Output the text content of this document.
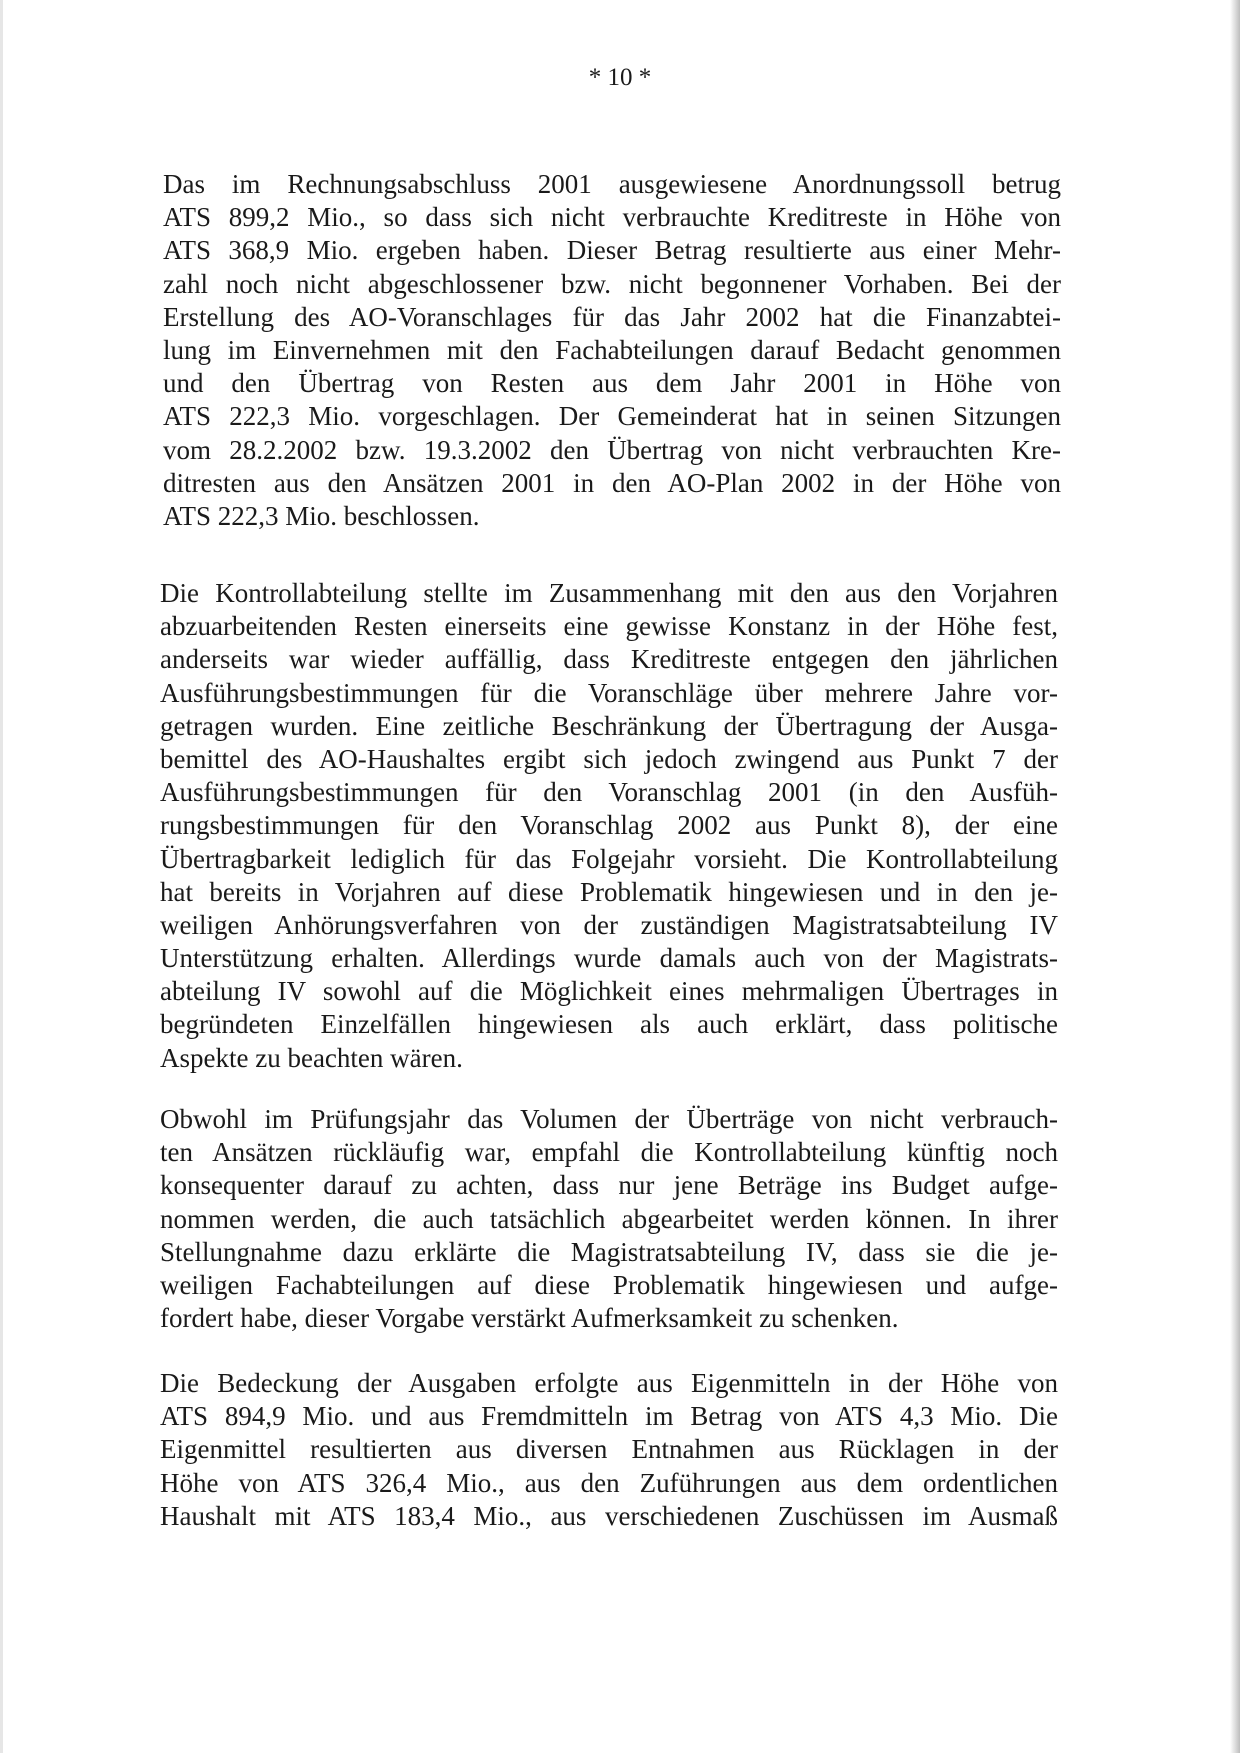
* 10 *
Das im Rechnungsabschluss 2001 ausgewiesene Anordnungssoll betrug
ATS 899,2 Mio., so dass sich nicht verbrauchte Kreditreste in Höhe von
ATS 368,9 Mio. ergeben haben. Dieser Betrag resultierte aus einer Mehr-
zahl noch nicht abgeschlossener bzw. nicht begonnener Vorhaben. Bei der
Erstellung des AO-Voranschlages für das Jahr 2002 hat die Finanzabtei-
lung im Einvernehmen mit den Fachabteilungen darauf Bedacht genommen
und den Übertrag von Resten aus dem Jahr 2001 in Höhe von
ATS 222,3 Mio. vorgeschlagen. Der Gemeinderat hat in seinen Sitzungen
vom 28.2.2002 bzw. 19.3.2002 den Übertrag von nicht verbrauchten Kre-
ditresten aus den Ansätzen 2001 in den AO-Plan 2002 in der Höhe von
ATS 222,3 Mio. beschlossen.
Die Kontrollabteilung stellte im Zusammenhang mit den aus den Vorjahren
abzuarbeitenden Resten einerseits eine gewisse Konstanz in der Höhe fest,
anderseits war wieder auffällig, dass Kreditreste entgegen den jährlichen
Ausführungsbestimmungen für die Voranschläge über mehrere Jahre vor-
getragen wurden. Eine zeitliche Beschränkung der Übertragung der Ausga-
bemittel des AO-Haushaltes ergibt sich jedoch zwingend aus Punkt 7 der
Ausführungsbestimmungen für den Voranschlag 2001 (in den Ausfüh-
rungsbestimmungen für den Voranschlag 2002 aus Punkt 8), der eine
Übertragbarkeit lediglich für das Folgejahr vorsieht. Die Kontrollabteilung
hat bereits in Vorjahren auf diese Problematik hingewiesen und in den je-
weiligen Anhörungsverfahren von der zuständigen Magistratsabteilung IV
Unterstützung erhalten. Allerdings wurde damals auch von der Magistrats-
abteilung IV sowohl auf die Möglichkeit eines mehrmaligen Übertrages in
begründeten Einzelfällen hingewiesen als auch erklärt, dass politische
Aspekte zu beachten wären.
Obwohl im Prüfungsjahr das Volumen der Überträge von nicht verbrauch-
ten Ansätzen rückläufig war, empfahl die Kontrollabteilung künftig noch
konsequenter darauf zu achten, dass nur jene Beträge ins Budget aufge-
nommen werden, die auch tatsächlich abgearbeitet werden können. In ihrer
Stellungnahme dazu erklärte die Magistratsabteilung IV, dass sie die je-
weiligen Fachabteilungen auf diese Problematik hingewiesen und aufge-
fordert habe, dieser Vorgabe verstärkt Aufmerksamkeit zu schenken.
Die Bedeckung der Ausgaben erfolgte aus Eigenmitteln in der Höhe von
ATS 894,9 Mio. und aus Fremdmitteln im Betrag von ATS 4,3 Mio. Die
Eigenmittel resultierten aus diversen Entnahmen aus Rücklagen in der
Höhe von ATS 326,4 Mio., aus den Zuführungen aus dem ordentlichen
Haushalt mit ATS 183,4 Mio., aus verschiedenen Zuschüssen im Ausmaß
